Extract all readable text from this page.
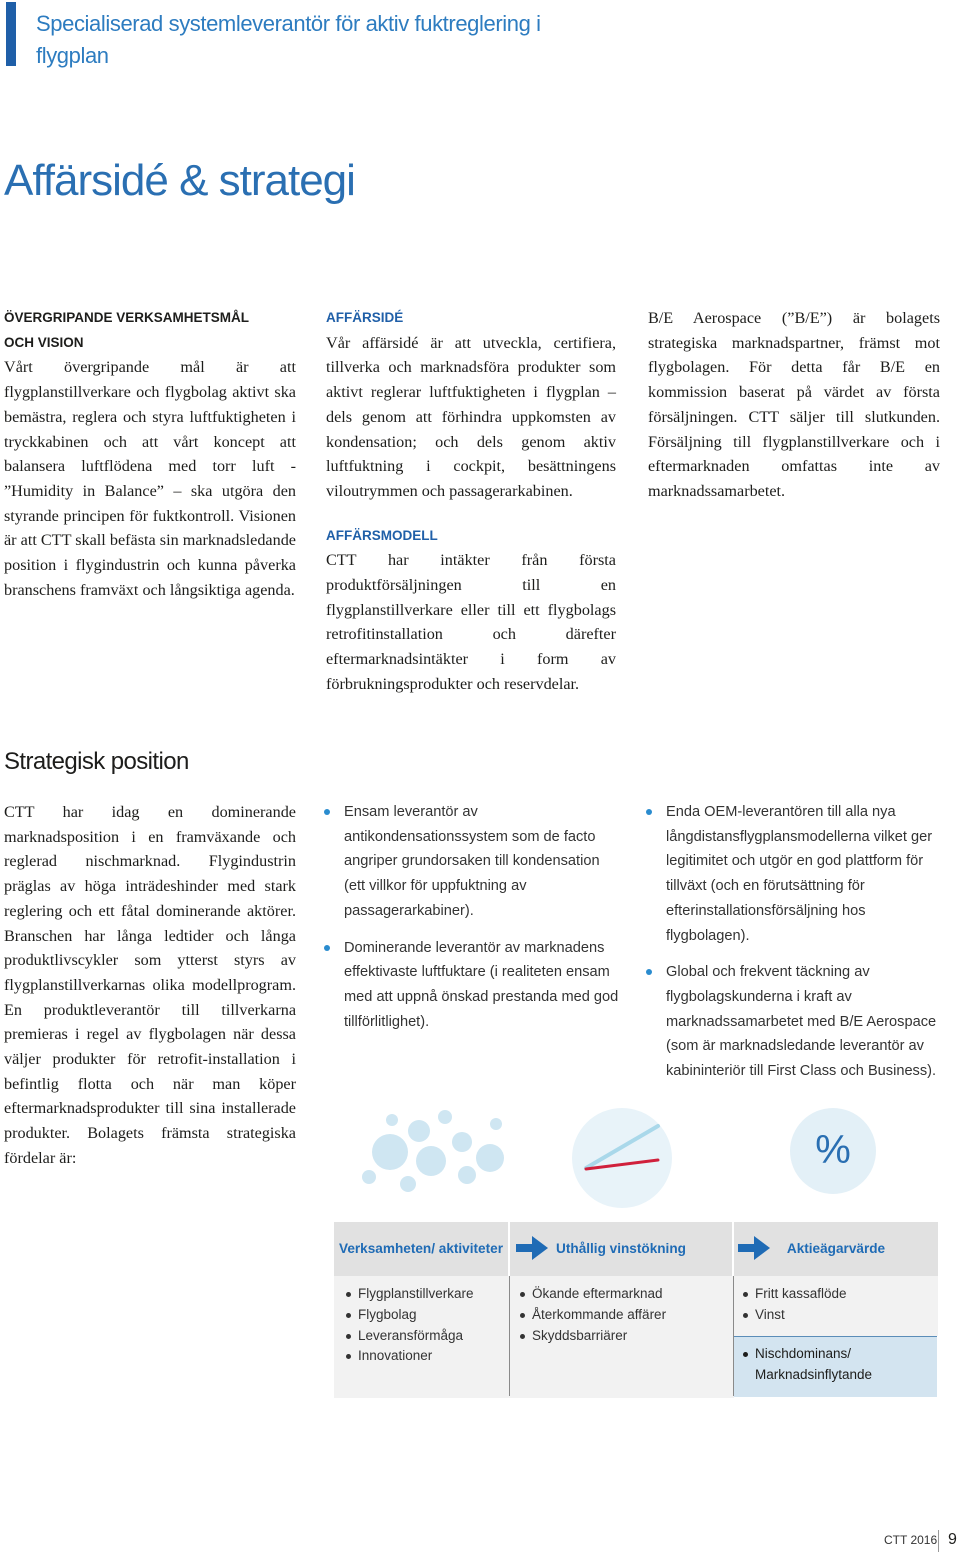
Specialiserad systemleverantör för aktiv fuktreglering i flygplan
Affärsidé & strategi
ÖVERGRIPANDE VERKSAMHETSMÅL
OCH VISION
Vårt övergripande mål är att flygplanstillverkare och flygbolag aktivt ska bemästra, reglera och styra luftfuktigheten i tryckkabinen och att vårt koncept att balansera luftflödena med torr luft - ”Humidity in Balance” – ska utgöra den styrande principen för fuktkontroll. Visionen är att CTT skall befästa sin marknadsledande position i flygindustrin och kunna påverka branschens framväxt och långsiktiga agenda.
AFFÄRSIDÉ
Vår affärsidé är att utveckla, certifiera, tillverka och marknadsföra produkter som aktivt reglerar luftfuktigheten i flygplan – dels genom att förhindra uppkomsten av kondensation; och dels genom aktiv luftfuktning i cockpit, besättningens viloutrymmen och passagerarkabinen.
AFFÄRSMODELL
CTT har intäkter från första produktförsäljningen till en flygplanstillverkare eller till ett flygbolags retrofitinstallation och därefter eftermarknadsintäkter i form av förbrukningsprodukter och reservdelar.
B/E Aerospace (”B/E”) är bolagets strategiska marknadspartner, främst mot flygbolagen. För detta får B/E en kommission baserat på värdet av första försäljningen. CTT säljer till slutkunden. Försäljning till flygplanstillverkare och i eftermarknaden omfattas inte av marknadssamarbetet.
Strategisk position
CTT har idag en dominerande marknadsposition i en framväxande och reglerad nischmarknad. Flygindustrin präglas av höga inträdeshinder med stark reglering och ett fåtal dominerande aktörer. Branschen har långa ledtider och långa produktlivscykler som ytterst styrs av flygplanstillverkarnas olika modellprogram. En produktleverantör till tillverkarna premieras i regel av flygbolagen när dessa väljer produkter för retrofit-installation i befintlig flotta och när man köper eftermarknadsprodukter till sina installerade produkter. Bolagets främsta strategiska fördelar är:
Ensam leverantör av antikondensationssystem som de facto angriper grundorsaken till kondensation (ett villkor för uppfuktning av passagerarkabiner).
Dominerande leverantör av marknadens effektivaste luftfuktare (i realiteten ensam med att uppnå önskad prestanda med god tillförlitlighet).
Enda OEM-leverantören till alla nya långdistansflygplansmodellerna vilket ger legitimitet och utgör en god plattform för tillväxt (och en förutsättning för efterinstallationsförsäljning hos flygbolagen).
Global och frekvent täckning av flygbolagskunderna i kraft av marknadssamarbetet med B/E Aerospace (som är marknadsledande leverantör av kabininteriör till First Class och Business).
%
Verksamheten/ aktiviteter	Uthållig vinstökning	Aktieägarvärde
Flygplanstillverkare
Flygbolag
Leveransförmåga
Innovationer
Ökande eftermarknad
Återkommande affärer
Skyddsbarriärer
Fritt kassaflöde
Vinst
Nischdominans/ Marknadsinflytande
CTT 2016 9
